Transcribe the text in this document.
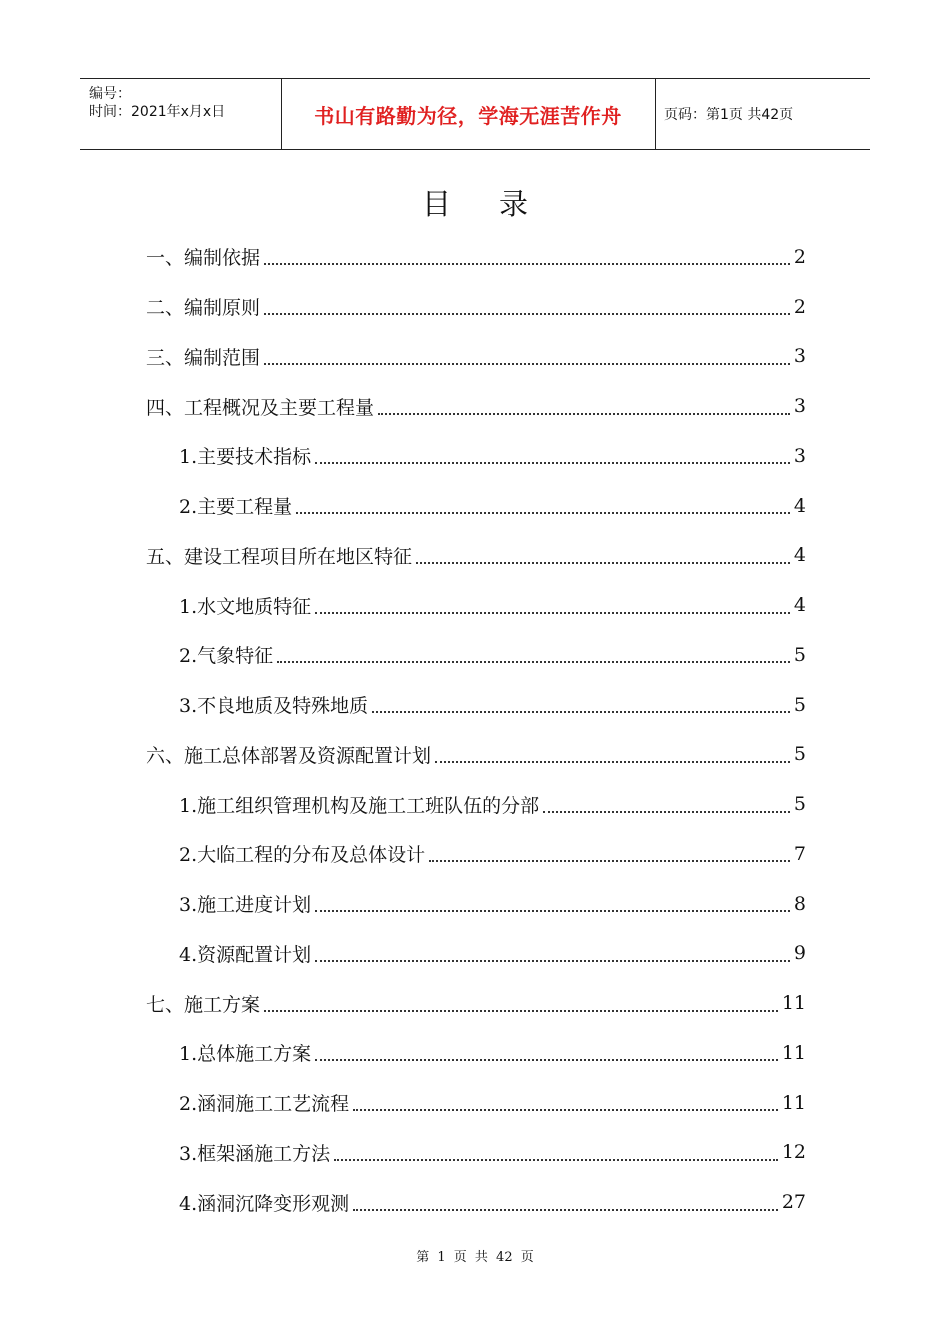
编号：
时间：2021年x月x日	书山有路勤为径，学海无涯苦作舟	页码：第1页 共42页
目录
一、编制依据	2
二、编制原则	2
三、编制范围	3
四、工程概况及主要工程量	3
1.主要技术指标	3
2.主要工程量	4
五、建设工程项目所在地区特征	4
1.水文地质特征	4
2.气象特征	5
3.不良地质及特殊地质	5
六、施工总体部署及资源配置计划	5
1.施工组织管理机构及施工工班队伍的分部	5
2.大临工程的分布及总体设计	7
3.施工进度计划	8
4.资源配置计划	9
七、施工方案	11
1.总体施工方案	11
2.涵洞施工工艺流程	11
3.框架涵施工方法	12
4.涵洞沉降变形观测	27
第 1 页 共 42 页
